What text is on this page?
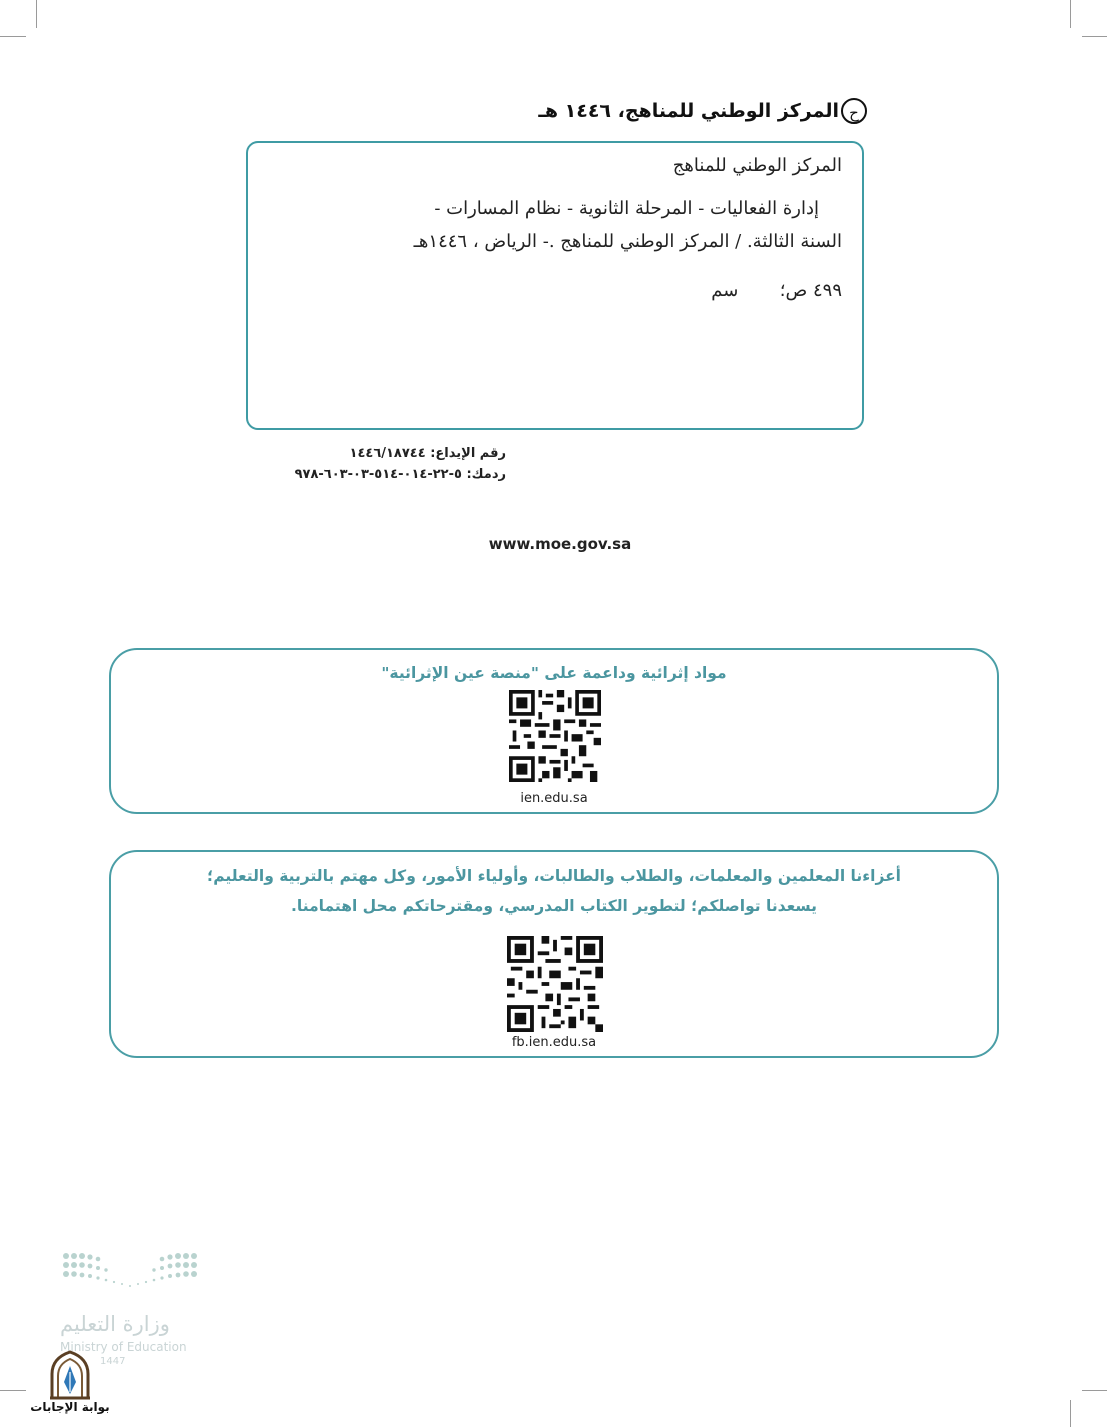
ح
المركز الوطني للمناهج، ١٤٤٦ هـ
المركز الوطني للمناهج
إدارة الفعاليات - المرحلة الثانوية - نظام المسارات -
السنة الثالثة. / المركز الوطني للمناهج .- الرياض ، ١٤٤٦هـ
٤٩٩ ص؛  سم
رقم الإيداع: ١٤٤٦/١٨٧٤٤
ردمك: ٥-٢٢-٠١٤-٥١٤-٠٣-٦٠٣-٩٧٨
www.moe.gov.sa
مواد إثرائية وداعمة على "منصة عين الإثرائية"
ien.edu.sa
أعزاءنا المعلمين والمعلمات، والطلاب والطالبات، وأولياء الأمور، وكل مهتم بالتربية والتعليم؛
يسعدنا تواصلكم؛ لتطوير الكتاب المدرسي، ومقترحاتكم محل اهتمامنا.
fb.ien.edu.sa
وزارة التعليم
Ministry of Education
1447
بوابة الإجابات
